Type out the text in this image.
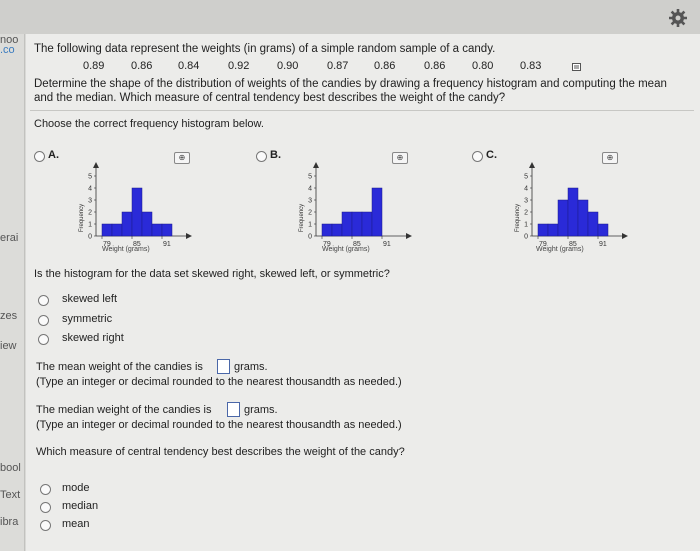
noo
.co
erai
zes
iew
bool
Text
ibra
The following data represent the weights (in grams) of a simple random sample of a candy.
0.89 0.86 0.84	0.92	0.90	0.87 0.86	0.86 0.80 0.83
Determine the shape of the distribution of weights of the candies by drawing a frequency histogram and computing the mean
and the median. Which measure of central tendency best describes the weight of the candy?
Choose the correct frequency histogram below.
A.	⊕
Frequency
0
1
2
3
4
5
79	85	91
Weight (grams)
B.	⊕
Frequency
0
1
2
3
4
5
79	85	91
Weight (grams)
C.	⊕
Frequency
0
1
2
3
4
5
79	85	91
Weight (grams)
Is the histogram for the data set skewed right, skewed left, or symmetric?
skewed left
symmetric
skewed right
The mean weight of the candies is	grams.
(Type an integer or decimal rounded to the nearest thousandth as needed.)
The median weight of the candies is	grams.
(Type an integer or decimal rounded to the nearest thousandth as needed.)
Which measure of central tendency best describes the weight of the candy?
mode
median
mean
